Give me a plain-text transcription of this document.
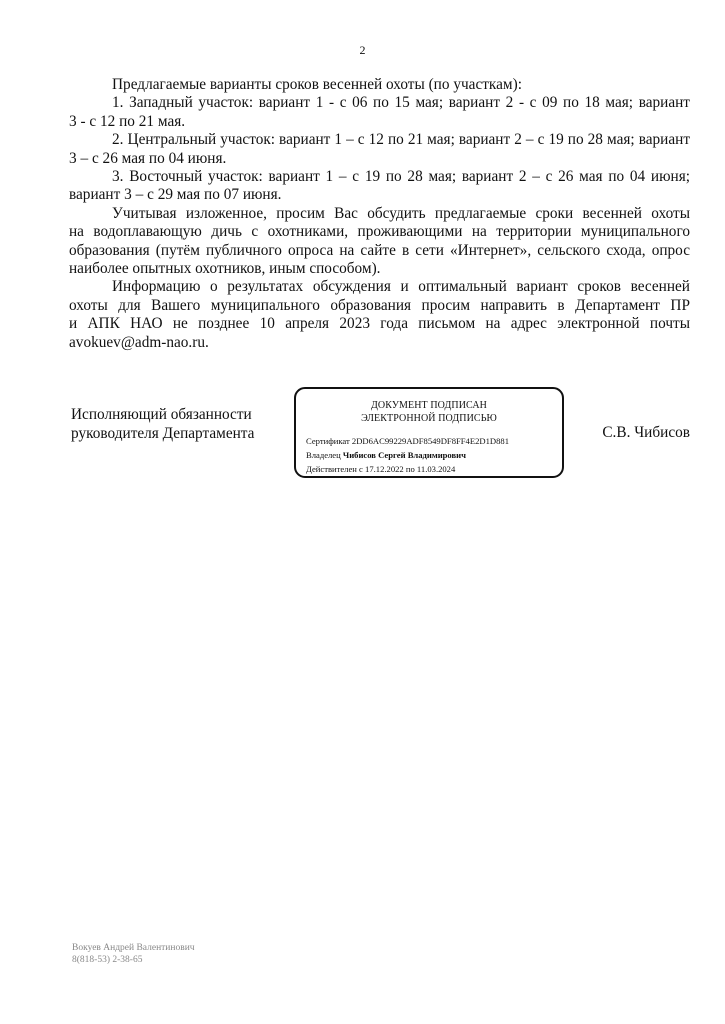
2
Предлагаемые варианты сроков весенней охоты (по участкам):
1. Западный участок: вариант 1 - с 06 по 15 мая; вариант 2 - с 09 по 18 мая; вариант
3 - с 12 по 21 мая.
2. Центральный участок: вариант 1 – с 12 по 21 мая; вариант 2 – с 19 по 28 мая; вариант
3 – с 26 мая по 04 июня.
3. Восточный участок: вариант 1 – с 19 по 28 мая; вариант 2 – с 26 мая по 04 июня;
вариант 3 – с 29 мая по 07 июня.
Учитывая изложенное, просим Вас обсудить предлагаемые сроки весенней охоты
на водоплавающую дичь с охотниками, проживающими на территории муниципального
образования (путём публичного опроса на сайте в сети «Интернет», сельского схода, опрос
наиболее опытных охотников, иным способом).
Информацию о результатах обсуждения и оптимальный вариант сроков весенней
охоты для Вашего муниципального образования просим направить в Департамент ПР
и АПК НАО не позднее 10 апреля 2023 года письмом на адрес электронной почты
avokuev@adm-nao.ru.
Исполняющий обязанности
руководителя Департамента
ДОКУМЕНТ ПОДПИСАН
ЭЛЕКТРОННОЙ ПОДПИСЬЮ
Сертификат 2DD6AC99229ADF8549DF8FF4E2D1D881
Владелец Чибисов Сергей Владимирович
Действителен с 17.12.2022 по 11.03.2024
С.В. Чибисов
Вокуев Андрей Валентинович
8(818-53) 2-38-65
